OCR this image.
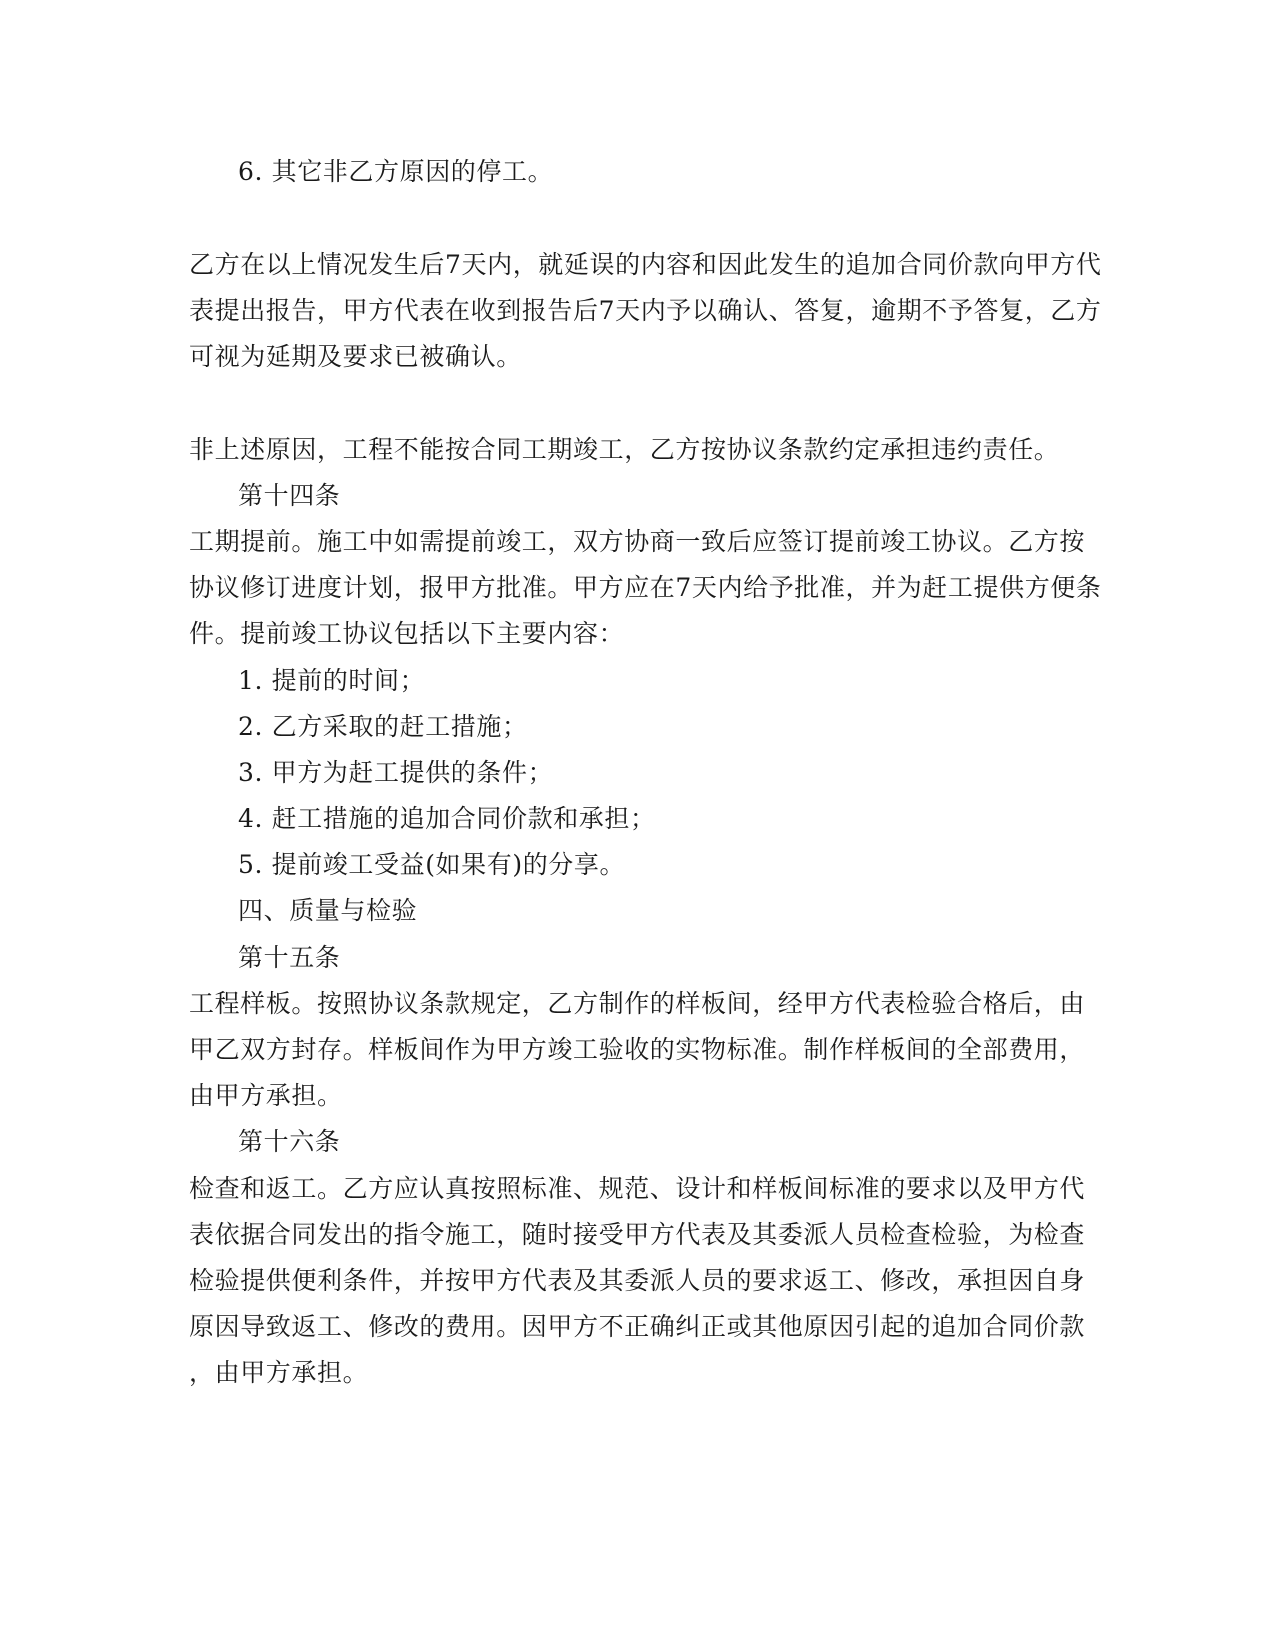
6. 其它非乙方原因的停工。
乙方在以上情况发生后7天内，就延误的内容和因此发生的追加合同价款向甲方代
表提出报告，甲方代表在收到报告后7天内予以确认、答复，逾期不予答复，乙方
可视为延期及要求已被确认。
非上述原因，工程不能按合同工期竣工，乙方按协议条款约定承担违约责任。
第十四条
工期提前。施工中如需提前竣工，双方协商一致后应签订提前竣工协议。乙方按
协议修订进度计划，报甲方批准。甲方应在7天内给予批准，并为赶工提供方便条
件。提前竣工协议包括以下主要内容：
1. 提前的时间；
2. 乙方采取的赶工措施；
3. 甲方为赶工提供的条件；
4. 赶工措施的追加合同价款和承担；
5. 提前竣工受益(如果有)的分享。
四、质量与检验
第十五条
工程样板。按照协议条款规定，乙方制作的样板间，经甲方代表检验合格后，由
甲乙双方封存。样板间作为甲方竣工验收的实物标准。制作样板间的全部费用，
由甲方承担。
第十六条
检查和返工。乙方应认真按照标准、规范、设计和样板间标准的要求以及甲方代
表依据合同发出的指令施工，随时接受甲方代表及其委派人员检查检验，为检查
检验提供便利条件，并按甲方代表及其委派人员的要求返工、修改，承担因自身
原因导致返工、修改的费用。因甲方不正确纠正或其他原因引起的追加合同价款
，由甲方承担。
